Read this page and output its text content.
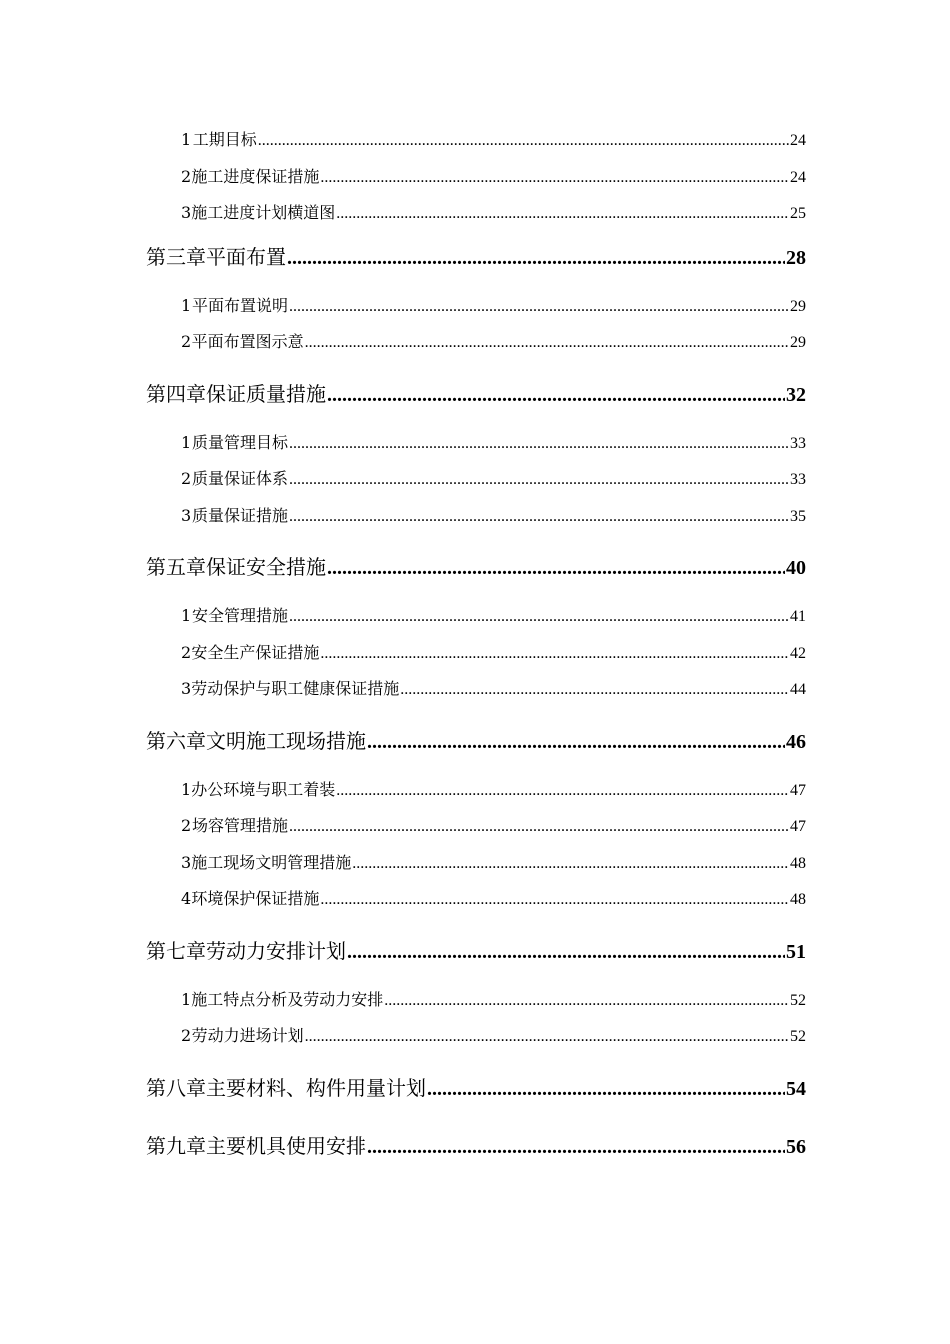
1 工期目标 .....	24
2 施工进度保证措施 .....	24
3 施工进度计划横道图 .....	25
第三章 平面布置 .....	28
1 平面布置说明 .....	29
2 平面布置图示意 .....	29
第四章 保证质量措施 .....	32
1 质量管理目标 .....	33
2 质量保证体系 .....	33
3 质量保证措施 .....	35
第五章 保证安全措施 .....	40
1 安全管理措施 .....	41
2 安全生产保证措施 .....	42
3 劳动保护与职工健康保证措施 .....	44
第六章 文明施工现场措施 .....	46
1 办公环境与职工着装 .....	47
2 场容管理措施 .....	47
3 施工现场文明管理措施 .....	48
4 环境保护保证措施 .....	48
第七章 劳动力安排计划 .....	51
1 施工特点分析及劳动力安排 .....	52
2 劳动力进场计划 .....	52
第八章 主要材料、构件用量计划 .....	54
第九章 主要机具使用安排 .....	56
